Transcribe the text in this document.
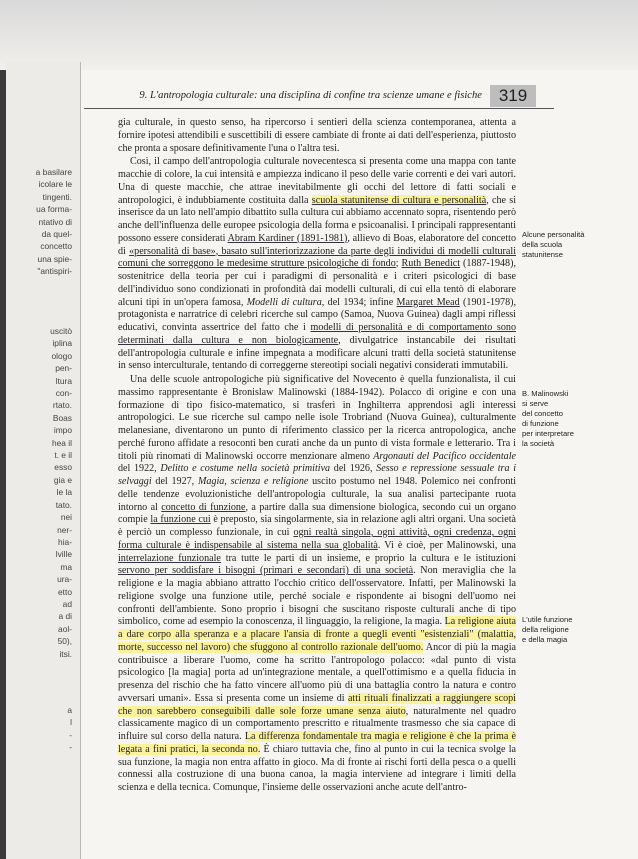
a basilare
icolare le
tingenti.
ua forma-
ntativo di
da quel-
concetto
una spie-
"antispiri-
uscitò
iplina
ologo
pen-
ltura
con-
rtato.
Boas
impo
hea il
t. e il
esso
gia e
le la
tato.
nei
ner-
hia-
lville
ma
ura-
etto
ad
a di
aol-
50),
itsi.
a
l
-
-
9. L'antropologia culturale: una disciplina di confine tra scienze umane e fisiche 319

gia culturale, in questo senso, ha ripercorso i sentieri della scienza contemporanea, attenta a fornire ipotesi attendibili e suscettibili di essere cambiate di fronte ai dati dell'esperienza, piuttosto che pronta a sposare definitivamente l'una o l'altra tesi.

Così, il campo dell'antropologia culturale novecentesca si presenta come una mappa con tante macchie di colore, la cui intensità e ampiezza indicano il peso delle varie correnti e dei vari autori. Una di queste macchie, che attrae inevitabilmente gli occhi del lettore di fatti sociali e antropologici, è indubbiamente costituita dalla scuola statunitense di cultura e personalità, che si inserisce da un lato nell'ampio dibattito sulla cultura cui abbiamo accennato sopra, risentendo però anche dell'influenza delle europee psicologia della forma e psicoanalisi. I principali rappresentanti possono essere considerati Abram Kardiner (1891-1981), allievo di Boas, elaboratore del concetto di «personalità di base», basato sull'interiorizzazione da parte degli individui di modelli culturali comuni che sorreggono le medesime strutture psicologiche di fondo; Ruth Benedict (1887-1948), sostenitrice della teoria per cui i paradigmi di personalità e i criteri psicologici di base dell'individuo sono condizionati in profondità dai modelli culturali, di cui ella tentò di elaborare alcuni tipi in un'opera famosa, Modelli di cultura, del 1934; infine Margaret Mead (1901-1978), protagonista e narratrice di celebri ricerche sul campo (Samoa, Nuova Guinea) dagli ampi riflessi educativi, convinta assertrice del fatto che i modelli di personalità e di comportamento sono determinati dalla cultura e non biologicamente, divulgatrice instancabile dei risultati dell'antropologia culturale e infine impegnata a modificare alcuni tratti della società statunitense in senso interculturale, tentando di correggerne stereotipi sociali negativi considerati immutabili.

Una delle scuole antropologiche più significative del Novecento è quella funzionalista, il cui massimo rappresentante è Bronislaw Malinowski (1884-1942). Polacco di origine e con una formazione di tipo fisico-matematico, si trasferì in Inghilterra apprendosi agli interessi antropologici. Le sue ricerche sul campo nelle isole Trobriand (Nuova Guinea), culturalmente melanesiane, diventarono un punto di riferimento classico per la ricerca antropologica, anche perché furono affidate a resoconti ben curati anche da un punto di vista formale e letterario. Tra i titoli più rinomati di Malinowski occorre menzionare almeno Argonauti del Pacifico occidentale del 1922, Delitto e costume nella società primitiva del 1926, Sesso e repressione sessuale tra i selvaggi del 1927, Magia, scienza e religione uscito postumo nel 1948. Polemico nei confronti delle tendenze evoluzionistiche dell'antropologia culturale, la sua analisi partecipante ruota intorno al concetto di funzione, a partire dalla sua dimensione biologica, secondo cui un organo compie la funzione cui è preposto, sia singolarmente, sia in relazione agli altri organi. Una società è perciò un complesso funzionale, in cui ogni realtà singola, ogni attività, ogni credenza, ogni forma culturale è indispensabile al sistema nella sua globalità. Vi è cioè, per Malinowski, una interrelazione funzionale tra tutte le parti di un insieme, e proprio la cultura e le istituzioni servono per soddisfare i bisogni (primari e secondari) di una società. Non meraviglia che la religione e la magia abbiano attratto l'occhio critico dell'osservatore. Infatti, per Malinowski la religione svolge una funzione utile, perché sociale e rispondente ai bisogni dell'uomo nei confronti dell'ambiente. Sono proprio i bisogni che suscitano risposte culturali anche di tipo simbolico, come ad esempio la conoscenza, il linguaggio, la religione, la magia. La religione aiuta a dare corpo alla speranza e a placare l'ansia di fronte a quegli eventi "esistenziali" (malattia, morte, successo nel lavoro) che sfuggono al controllo razionale dell'uomo. Ancor di più la magia contribuisce a liberare l'uomo, come ha scritto l'antropologo polacco: «dal punto di vista psicologico [la magia] porta ad un'integrazione mentale, a quell'ottimismo e a quella fiducia in presenza del rischio che ha fatto vincere all'uomo più di una battaglia contro la natura e contro avversari umani». Essa si presenta come un insieme di atti rituali finalizzati a raggiungere scopi che non sarebbero conseguibili dalle sole forze umane senza aiuto, naturalmente nel quadro classicamente magico di un comportamento prescritto e ritualmente trasmesso che sia capace di influire sul corso della natura. La differenza fondamentale tra magia e religione è che la prima è legata a fini pratici, la seconda no. È chiaro tuttavia che, fino al punto in cui la tecnica svolge la sua funzione, la magia non entra affatto in gioco. Ma di fronte ai rischi forti della pesca o a quelli connessi alla costruzione di una buona canoa, la magia interviene ad integrare i limiti della scienza e della tecnica. Comunque, l'insieme delle osservazioni anche acute dell'antro-

Alcune personalità
della scuola
statunitense
B. Malinowski
si serve
del concetto
di funzione
per interpretare
la società
L'utile funzione
della religione
e della magia
